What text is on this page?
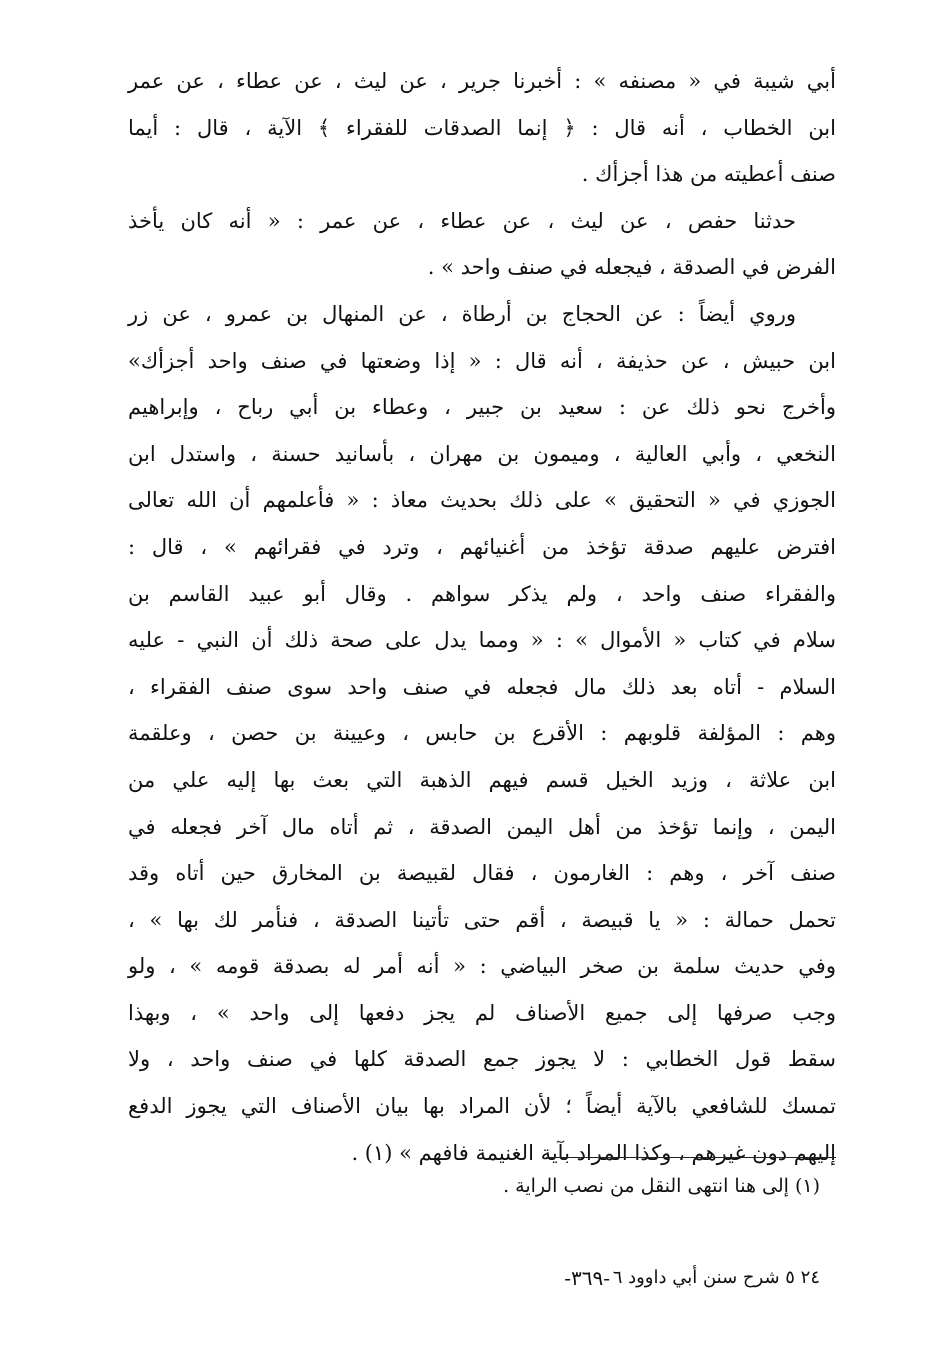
أبي شيبة في « مصنفه » : أخبرنا جرير ، عن ليث ، عن عطاء ، عن عمر
ابن الخطاب ، أنه قال : ﴿ إنما الصدقات للفقراء ﴾ الآية ، قال : أيما
صنف أعطيته من هذا أجزأك .
حدثنا حفص ، عن ليث ، عن عطاء ، عن عمر : « أنه كان يأخذ
الفرض في الصدقة ، فيجعله في صنف واحد » .
وروي أيضاً : عن الحجاج بن أرطاة ، عن المنهال بن عمرو ، عن زر
ابن حبيش ، عن حذيفة ، أنه قال : « إذا وضعتها في صنف واحد أجزأك»
وأخرج نحو ذلك عن : سعيد بن جبير ، وعطاء بن أبي رباح ، وإبراهيم
النخعي ، وأبي العالية ، وميمون بن مهران ، بأسانيد حسنة ، واستدل ابن
الجوزي في « التحقيق » على ذلك بحديث معاذ : « فأعلمهم أن الله تعالى
افترض عليهم صدقة تؤخذ من أغنيائهم ، وترد في فقرائهم » ، قال :
والفقراء صنف واحد ، ولم يذكر سواهم . وقال أبو عبيد القاسم بن
سلام في كتاب « الأموال » : « ومما يدل على صحة ذلك أن النبي - عليه
السلام - أتاه بعد ذلك مال فجعله في صنف واحد سوى صنف الفقراء ،
وهم : المؤلفة قلوبهم : الأقرع بن حابس ، وعيينة بن حصن ، وعلقمة
ابن علاثة ، وزيد الخيل قسم فيهم الذهبة التي بعث بها إليه علي من
اليمن ، وإنما تؤخذ من أهل اليمن الصدقة ، ثم أتاه مال آخر فجعله في
صنف آخر ، وهم : الغارمون ، فقال لقبيصة بن المخارق حين أتاه وقد
تحمل حمالة : « يا قبيصة ، أقم حتى تأتينا الصدقة ، فنأمر لك بها » ،
وفي حديث سلمة بن صخر البياضي : « أنه أمر له بصدقة قومه » ، ولو
وجب صرفها إلى جميع الأصناف لم يجز دفعها إلى واحد » ، وبهذا
سقط قول الخطابي : لا يجوز جمع الصدقة كلها في صنف واحد ، ولا
تمسك للشافعي بالآية أيضاً ؛ لأن المراد بها بيان الأصناف التي يجوز الدفع
إليهم دون غيرهم ، وكذا المراد بآية الغنيمة فافهم » (١) .
(١) إلى هنا انتهى النقل من نصب الراية .
٢٤ ٥ شرح سنن أبي داوود ٦
-٣٦٩-
